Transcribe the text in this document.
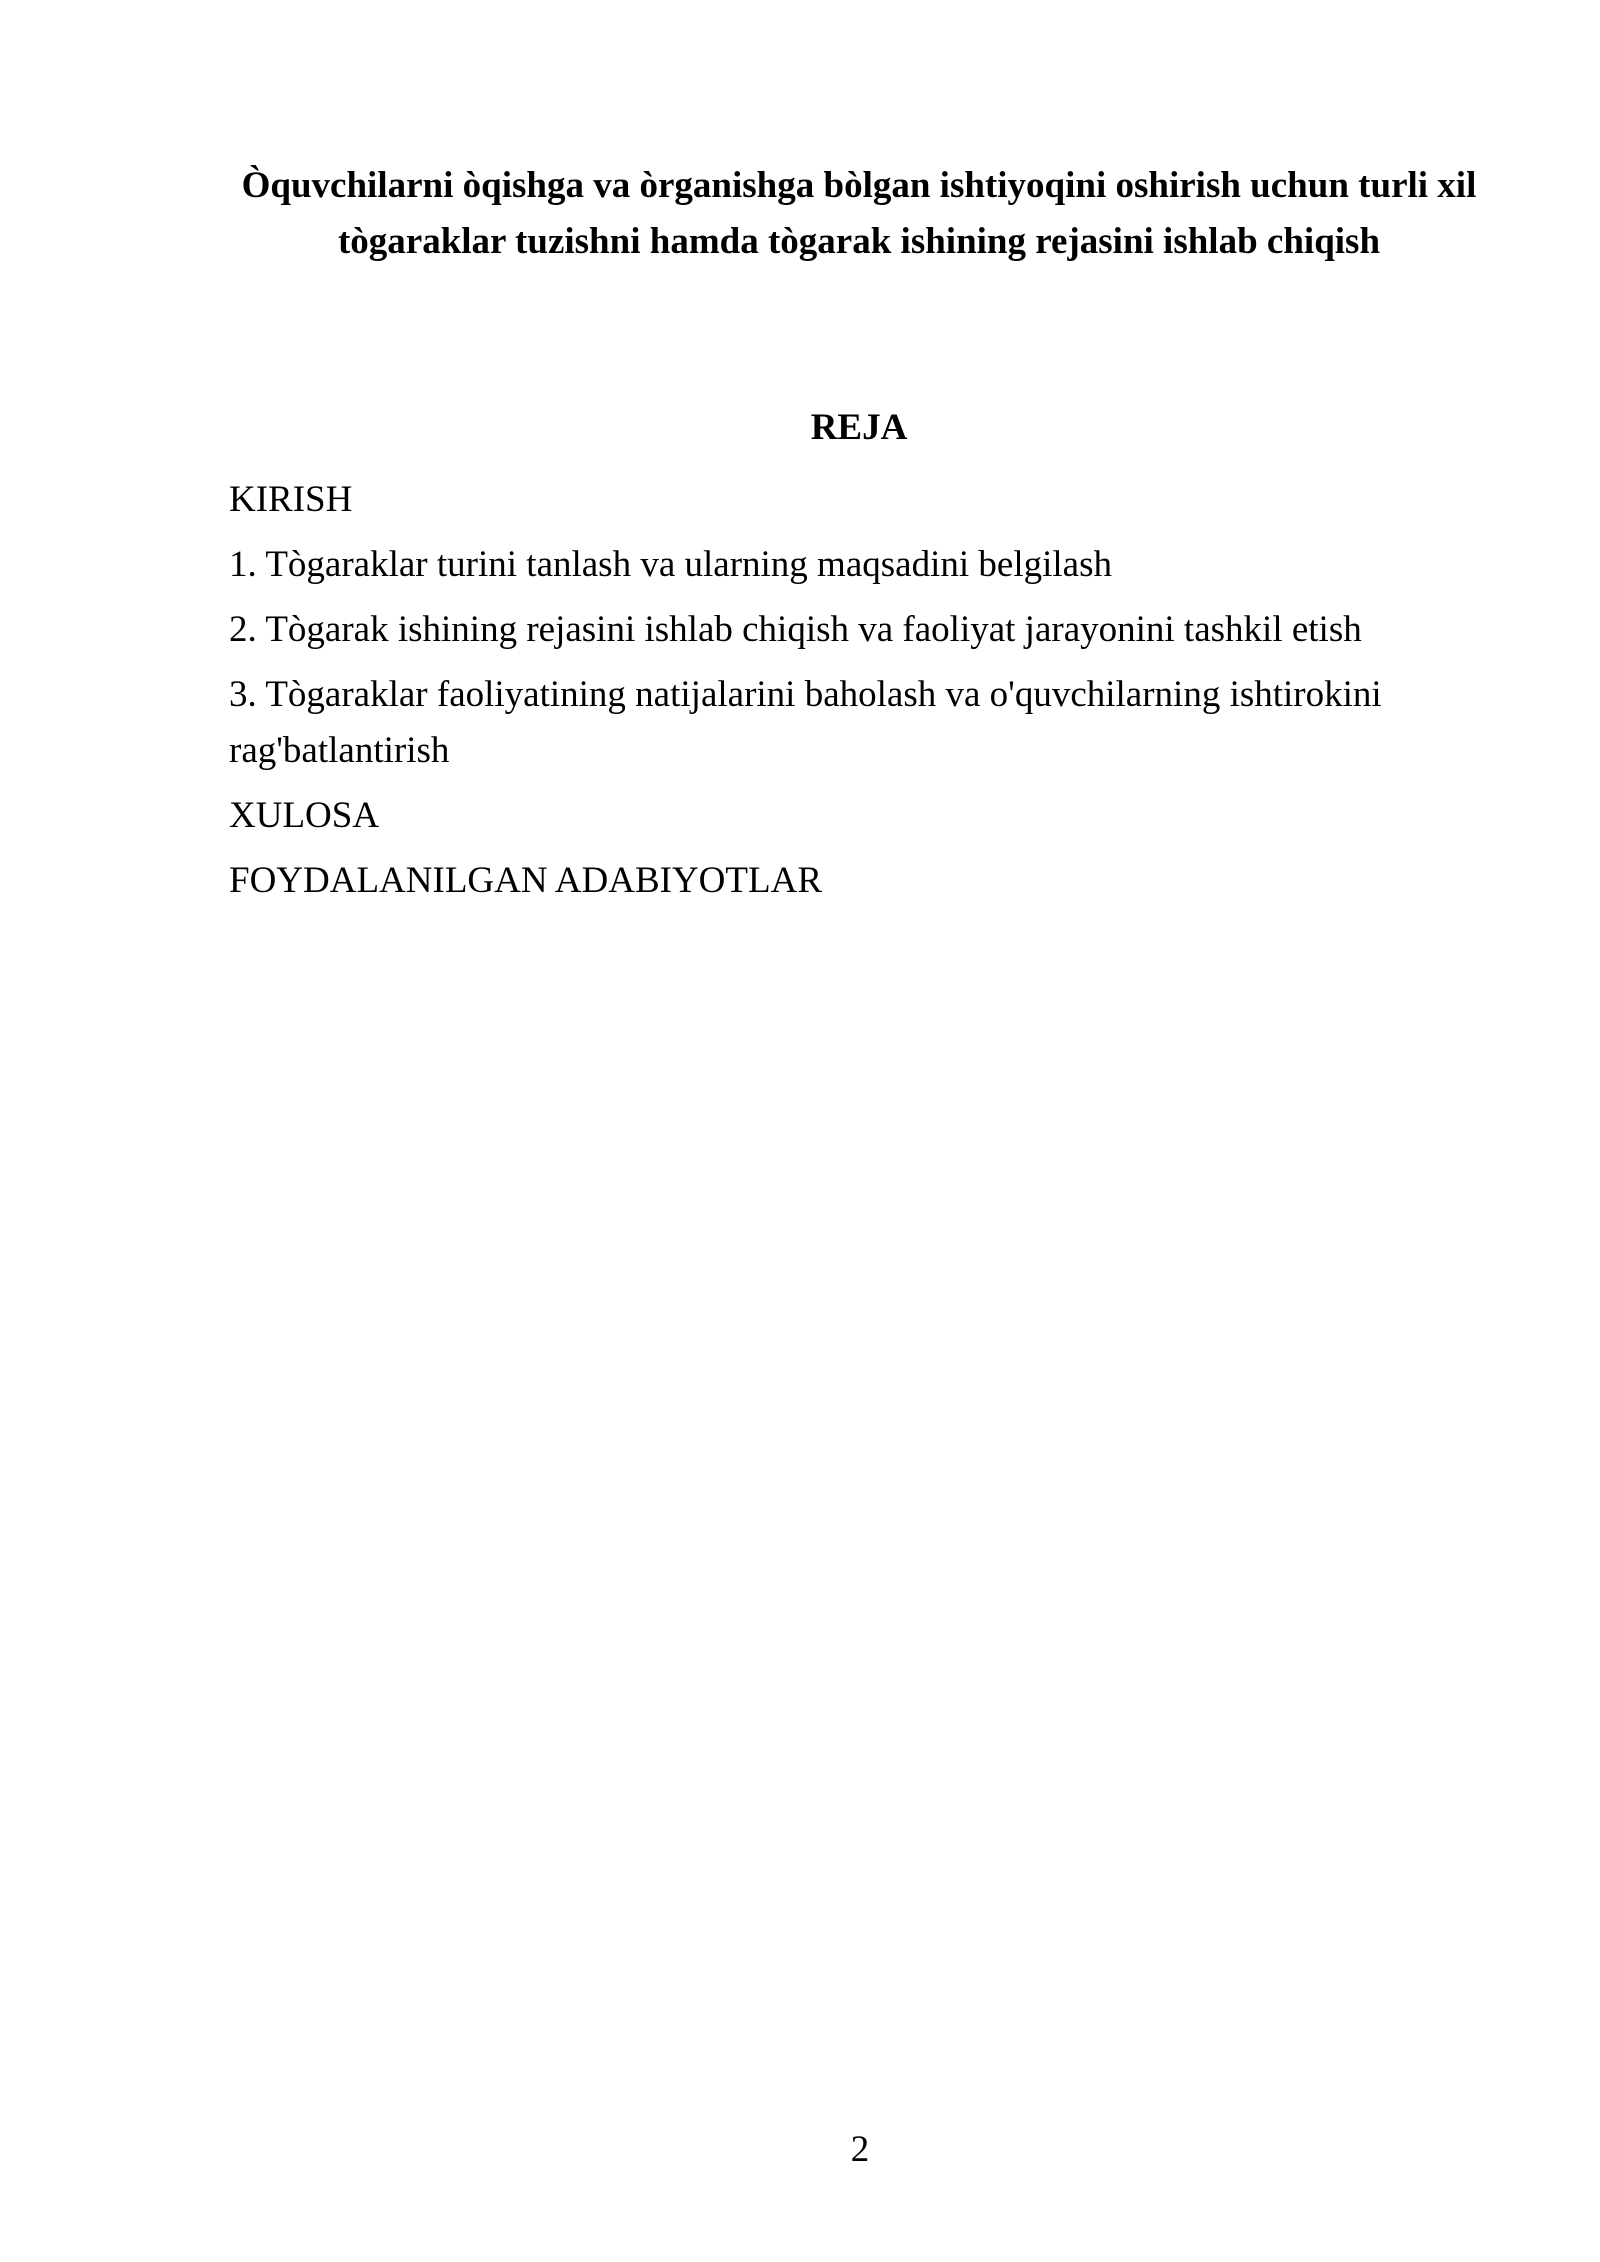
Òquvchilarni òqishga va òrganishga bòlgan ishtiyoqini oshirish uchun turli xil tògaraklar tuzishni hamda tògarak ishining rejasini ishlab chiqish
REJA
KIRISH
1. Tògaraklar turini tanlash va ularning maqsadini belgilash
2. Tògarak ishining rejasini ishlab chiqish va faoliyat jarayonini tashkil etish
3. Tògaraklar faoliyatining natijalarini baholash va o'quvchilarning ishtirokini rag'batlantirish
XULOSA
FOYDALANILGAN ADABIYOTLAR
2
